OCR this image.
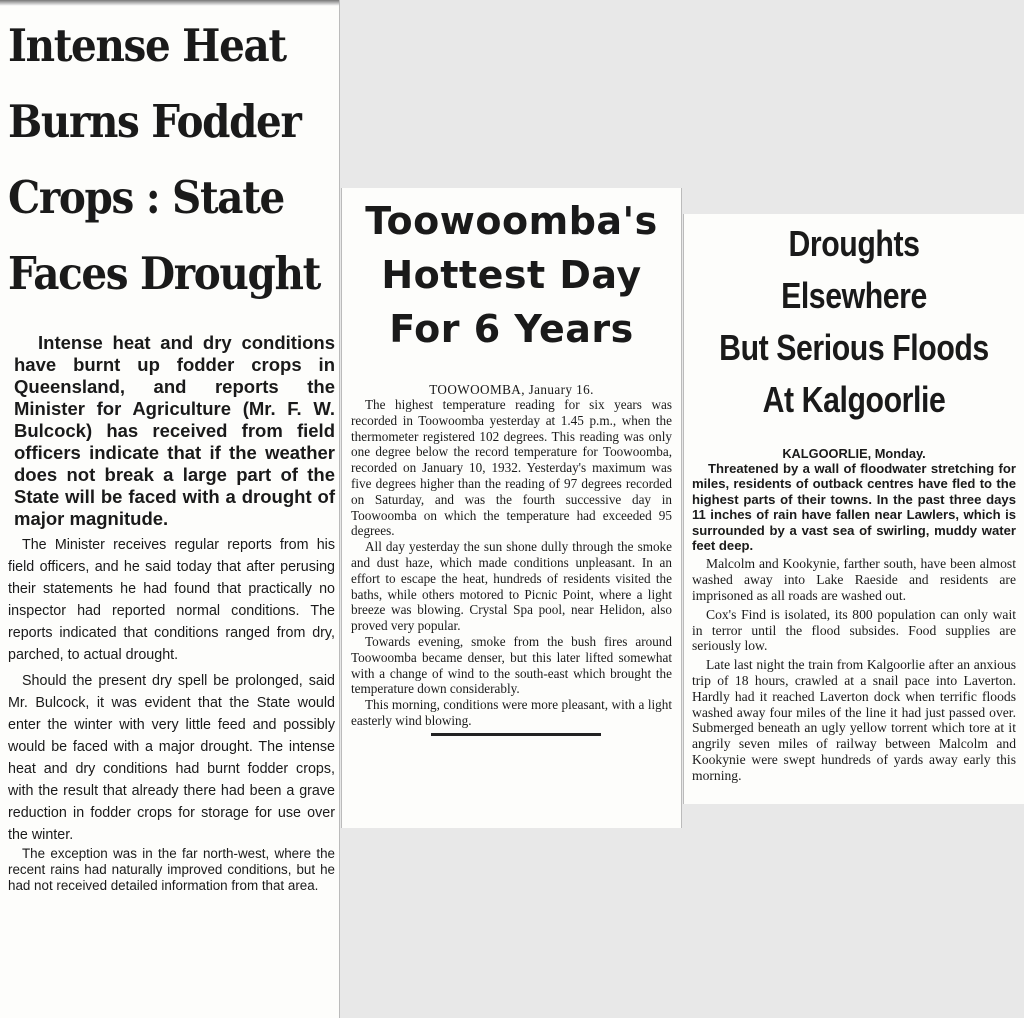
Intense Heat
Burns Fodder
Crops : State
Faces Drought

Intense heat and dry conditions have burnt up fodder crops in Queensland, and reports the Minister for Agriculture (Mr. F. W. Bulcock) has received from field officers indicate that if the weather does not break a large part of the State will be faced with a drought of major magnitude.

The Minister receives regular reports from his field officers, and he said today that after perusing their statements he had found that practically no inspector had reported normal conditions. The reports indicated that conditions ranged from dry, parched, to actual drought.

Should the present dry spell be prolonged, said Mr. Bulcock, it was evident that the State would enter the winter with very little feed and possibly would be faced with a major drought. The intense heat and dry conditions had burnt fodder crops, with the result that already there had been a grave reduction in fodder crops for storage for use over the winter.

The exception was in the far north-west, where the recent rains had naturally improved conditions, but he had not received detailed information from that area.

Toowoomba's
Hottest Day
For 6 Years
TOOWOOMBA, January 16.

The highest temperature reading for six years was recorded in Toowoomba yesterday at 1.45 p.m., when the thermometer registered 102 degrees. This reading was only one degree below the record temperature for Toowoomba, recorded on January 10, 1932. Yesterday's maximum was five degrees higher than the reading of 97 degrees recorded on Saturday, and was the fourth successive day in Toowoomba on which the temperature had exceeded 95 degrees.

All day yesterday the sun shone dully through the smoke and dust haze, which made conditions unpleasant. In an effort to escape the heat, hundreds of residents visited the baths, while others motored to Picnic Point, where a light breeze was blowing. Crystal Spa pool, near Helidon, also proved very popular.

Towards evening, smoke from the bush fires around Toowoomba became denser, but this later lifted somewhat with a change of wind to the south-east which brought the temperature down considerably.

This morning, conditions were more pleasant, with a light easterly wind blowing.

Droughts Elsewhere
But Serious Floods
At Kalgoorlie
KALGOORLIE, Monday.

Threatened by a wall of floodwater stretching for miles, residents of outback centres have fled to the highest parts of their towns. In the past three days 11 inches of rain have fallen near Lawlers, which is surrounded by a vast sea of swirling, muddy water feet deep.

Malcolm and Kookynie, farther south, have been almost washed away into Lake Raeside and residents are imprisoned as all roads are washed out.

Cox's Find is isolated, its 800 population can only wait in terror until the flood subsides. Food supplies are seriously low.

Late last night the train from Kalgoorlie after an anxious trip of 18 hours, crawled at a snail pace into Laverton. Hardly had it reached Laverton dock when terrific floods washed away four miles of the line it had just passed over. Submerged beneath an ugly yellow torrent which tore at it angrily seven miles of railway between Malcolm and Kookynie were swept hundreds of yards away early this morning.
